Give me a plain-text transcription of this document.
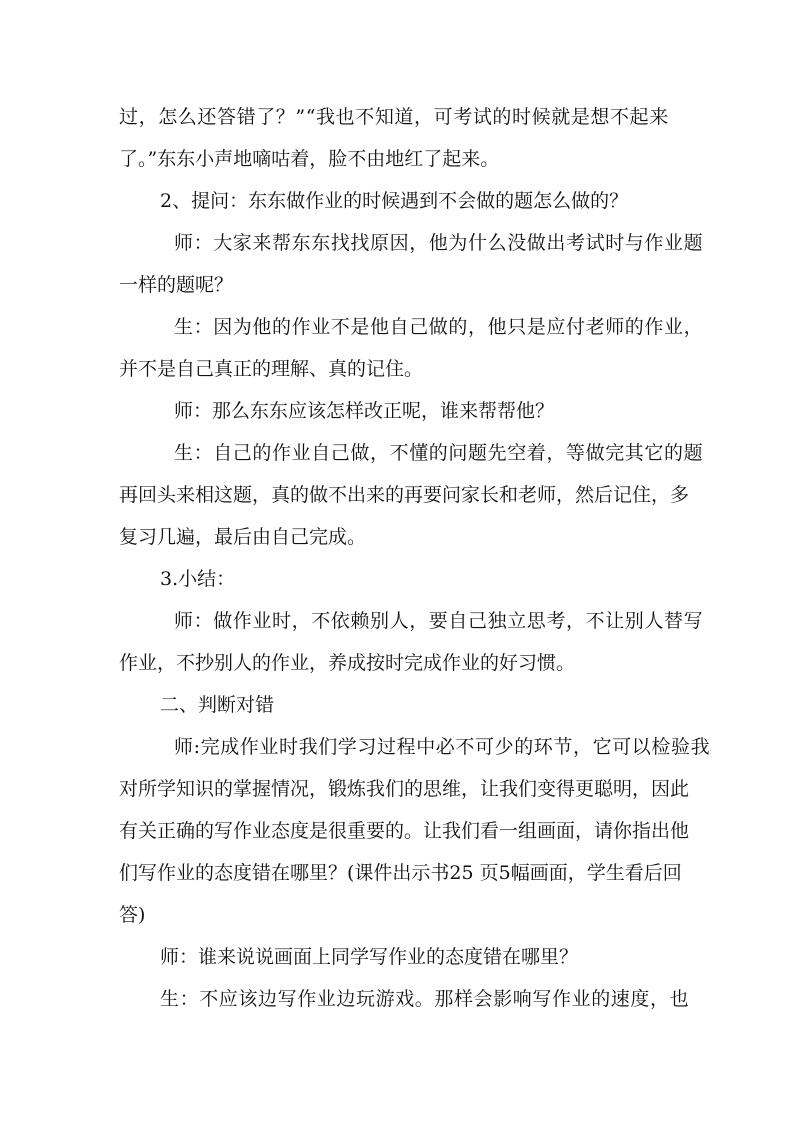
过，怎么还答错了？”“我也不知道，可考试的时候就是想不起来
了。”东东小声地嘀咕着，脸不由地红了起来。
2、提问：东东做作业的时候遇到不会做的题怎么做的？
师：大家来帮东东找找原因，他为什么没做出考试时与作业题
一样的题呢？
生：因为他的作业不是他自己做的，他只是应付老师的作业，
并不是自己真正的理解、真的记住。
师：那么东东应该怎样改正呢，谁来帮帮他？
生：自己的作业自己做，不懂的问题先空着，等做完其它的题
再回头来相这题，真的做不出来的再要问家长和老师，然后记住，多
复习几遍，最后由自己完成。
3.小结：
师：做作业时，不依赖别人，要自己独立思考，不让别人替写
作业，不抄别人的作业，养成按时完成作业的好习惯。
二、判断对错
师:完成作业时我们学习过程中必不可少的环节，它可以检验我
对所学知识的掌握情况，锻炼我们的思维，让我们变得更聪明，因此
有关正确的写作业态度是很重要的。让我们看一组画面，请你指出他
们写作业的态度错在哪里？(课件出示书25 页5幅画面，学生看后回
答)
师：谁来说说画面上同学写作业的态度错在哪里？
生：不应该边写作业边玩游戏。那样会影响写作业的速度，也
